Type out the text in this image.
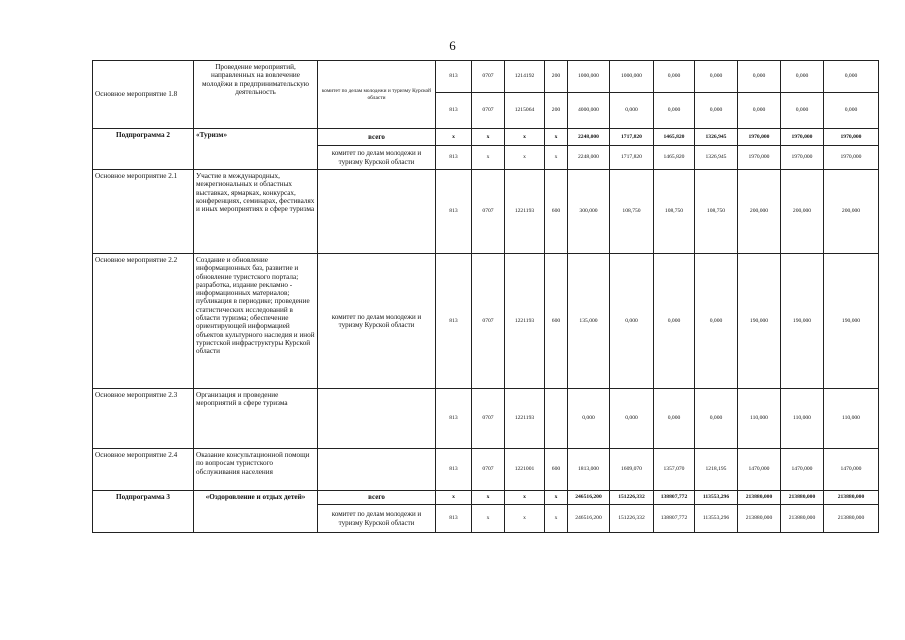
6
Основное мероприятие 1.8	Проведение мероприятий, направленных на вовлечение молодёжи в предпринимательскую деятельность	комитет по делам молодежи и туризму Курской области	813	0707	1214192	200	1000,000	1000,000	0,000	0,000	0,000	0,000	0,000
			813	0707	1215064	200	4000,000	0,000	0,000	0,000	0,000	0,000	0,000
Подпрограмма 2	«Туризм»	всего	х	х	х	х	2248,000	1717,820	1465,820	1326,945	1970,000	1970,000	1970,000
		комитет по делам молодежи и туризму Курской области	813	х	х	х	2248,000	1717,820	1465,820	1326,945	1970,000	1970,000	1970,000
Основное мероприятие 2.1	Участие в международных, межрегиональных и областных выставках, ярмарках, конкурсах, конференциях, семинарах, фестивалях и иных мероприятиях в сфере туризма		813	0707	1221193	600	300,000	108,750	108,750	108,750	200,000	200,000	200,000
Основное мероприятие 2.2	Создание и обновление информационных баз, развитие и обновление туристского портала; разработка, издание рекламно - информационных материалов; публикация в периодике; проведение статистических исследований в области туризма; обеспечение ориентирующей информацией объектов культурного наследия и иной туристской инфраструктуры Курской области	комитет по делам молодежи и туризму Курской области	813	0707	1221193	600	135,000	0,000	0,000	0,000	190,000	190,000	190,000
Основное мероприятие 2.3	Организация и проведение мероприятий в сфере туризма		813	0707	1221193		0,000	0,000	0,000	0,000	110,000	110,000	110,000
Основное мероприятие 2.4	Оказание консультационной помощи по вопросам туристского обслуживания населения		813	0707	1221001	600	1813,000	1609,070	1357,070	1218,195	1470,000	1470,000	1470,000
Подпрограмма 3	«Оздоровление и отдых детей»	всего	х	х	х	х	246516,200	151226,332	138807,772	113553,296	213880,000	213880,000	213880,000
		комитет по делам молодежи и туризму Курской области	813	х	х	х	246516,200	151226,332	138807,772	113553,296	213880,000	213880,000	213880,000
